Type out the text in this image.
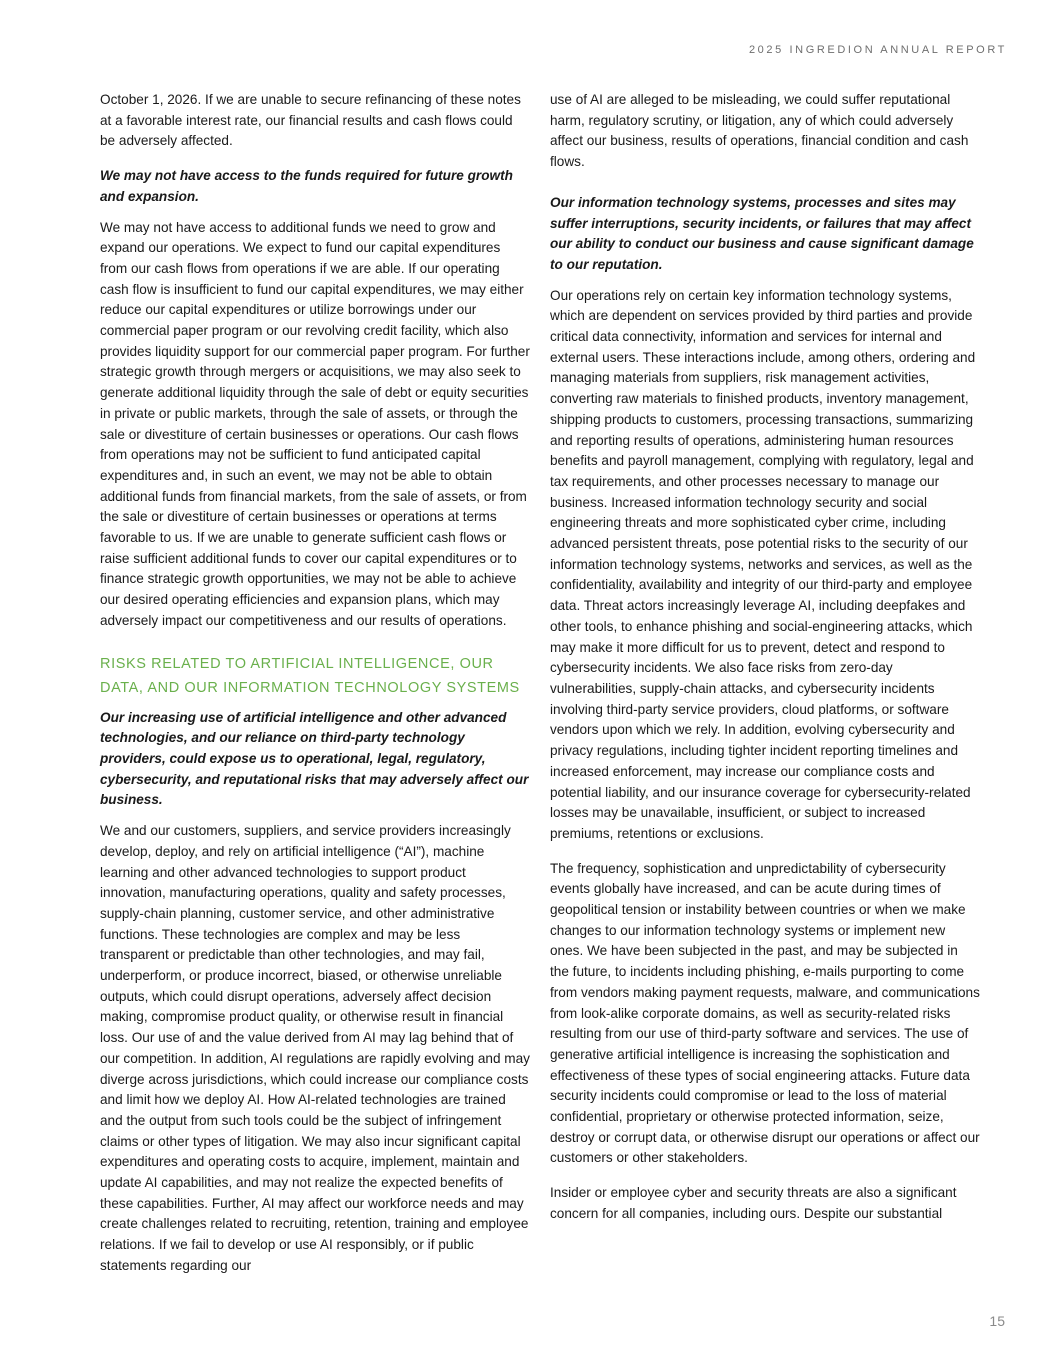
2025 INGREDION ANNUAL REPORT

October 1, 2026. If we are unable to secure refinancing of these notes at a favorable interest rate, our financial results and cash flows could be adversely affected.

We may not have access to the funds required for future growth and expansion.

We may not have access to additional funds we need to grow and expand our operations. We expect to fund our capital expenditures from our cash flows from operations if we are able. If our operating cash flow is insufficient to fund our capital expenditures, we may either reduce our capital expenditures or utilize borrowings under our commercial paper program or our revolving credit facility, which also provides liquidity support for our commercial paper program. For further strategic growth through mergers or acquisitions, we may also seek to generate additional liquidity through the sale of debt or equity securities in private or public markets, through the sale of assets, or through the sale or divestiture of certain businesses or operations. Our cash flows from operations may not be sufficient to fund anticipated capital expenditures and, in such an event, we may not be able to obtain additional funds from financial markets, from the sale of assets, or from the sale or divestiture of certain businesses or operations at terms favorable to us. If we are unable to generate sufficient cash flows or raise sufficient additional funds to cover our capital expenditures or to finance strategic growth opportunities, we may not be able to achieve our desired operating efficiencies and expansion plans, which may adversely impact our competitiveness and our results of operations.

RISKS RELATED TO ARTIFICIAL INTELLIGENCE, OUR DATA, AND OUR INFORMATION TECHNOLOGY SYSTEMS

Our increasing use of artificial intelligence and other advanced technologies, and our reliance on third-party technology providers, could expose us to operational, legal, regulatory, cybersecurity, and reputational risks that may adversely affect our business.

We and our customers, suppliers, and service providers increasingly develop, deploy, and rely on artificial intelligence (“AI”), machine learning and other advanced technologies to support product innovation, manufacturing operations, quality and safety processes, supply-chain planning, customer service, and other administrative functions. These technologies are complex and may be less transparent or predictable than other technologies, and may fail, underperform, or produce incorrect, biased, or otherwise unreliable outputs, which could disrupt operations, adversely affect decision making, compromise product quality, or otherwise result in financial loss. Our use of and the value derived from AI may lag behind that of our competition. In addition, AI regulations are rapidly evolving and may diverge across jurisdictions, which could increase our compliance costs and limit how we deploy AI. How AI-related technologies are trained and the output from such tools could be the subject of infringement claims or other types of litigation. We may also incur significant capital expenditures and operating costs to acquire, implement, maintain and update AI capabilities, and may not realize the expected benefits of these capabilities. Further, AI may affect our workforce needs and may create challenges related to recruiting, retention, training and employee relations. If we fail to develop or use AI responsibly, or if public statements regarding our

use of AI are alleged to be misleading, we could suffer reputational harm, regulatory scrutiny, or litigation, any of which could adversely affect our business, results of operations, financial condition and cash flows.

Our information technology systems, processes and sites may suffer interruptions, security incidents, or failures that may affect our ability to conduct our business and cause significant damage to our reputation.

Our operations rely on certain key information technology systems, which are dependent on services provided by third parties and provide critical data connectivity, information and services for internal and external users. These interactions include, among others, ordering and managing materials from suppliers, risk management activities, converting raw materials to finished products, inventory management, shipping products to customers, processing transactions, summarizing and reporting results of operations, administering human resources benefits and payroll management, complying with regulatory, legal and tax requirements, and other processes necessary to manage our business. Increased information technology security and social engineering threats and more sophisticated cyber crime, including advanced persistent threats, pose potential risks to the security of our information technology systems, networks and services, as well as the confidentiality, availability and integrity of our third-party and employee data. Threat actors increasingly leverage AI, including deepfakes and other tools, to enhance phishing and social-engineering attacks, which may make it more difficult for us to prevent, detect and respond to cybersecurity incidents. We also face risks from zero-day vulnerabilities, supply-chain attacks, and cybersecurity incidents involving third-party service providers, cloud platforms, or software vendors upon which we rely. In addition, evolving cybersecurity and privacy regulations, including tighter incident reporting timelines and increased enforcement, may increase our compliance costs and potential liability, and our insurance coverage for cybersecurity-related losses may be unavailable, insufficient, or subject to increased premiums, retentions or exclusions.

The frequency, sophistication and unpredictability of cybersecurity events globally have increased, and can be acute during times of geopolitical tension or instability between countries or when we make changes to our information technology systems or implement new ones. We have been subjected in the past, and may be subjected in the future, to incidents including phishing, e-mails purporting to come from vendors making payment requests, malware, and communications from look-alike corporate domains, as well as security-related risks resulting from our use of third-party software and services. The use of generative artificial intelligence is increasing the sophistication and effectiveness of these types of social engineering attacks. Future data security incidents could compromise or lead to the loss of material confidential, proprietary or otherwise protected information, seize, destroy or corrupt data, or otherwise disrupt our operations or affect our customers or other stakeholders.

Insider or employee cyber and security threats are also a significant concern for all companies, including ours. Despite our substantial

15
